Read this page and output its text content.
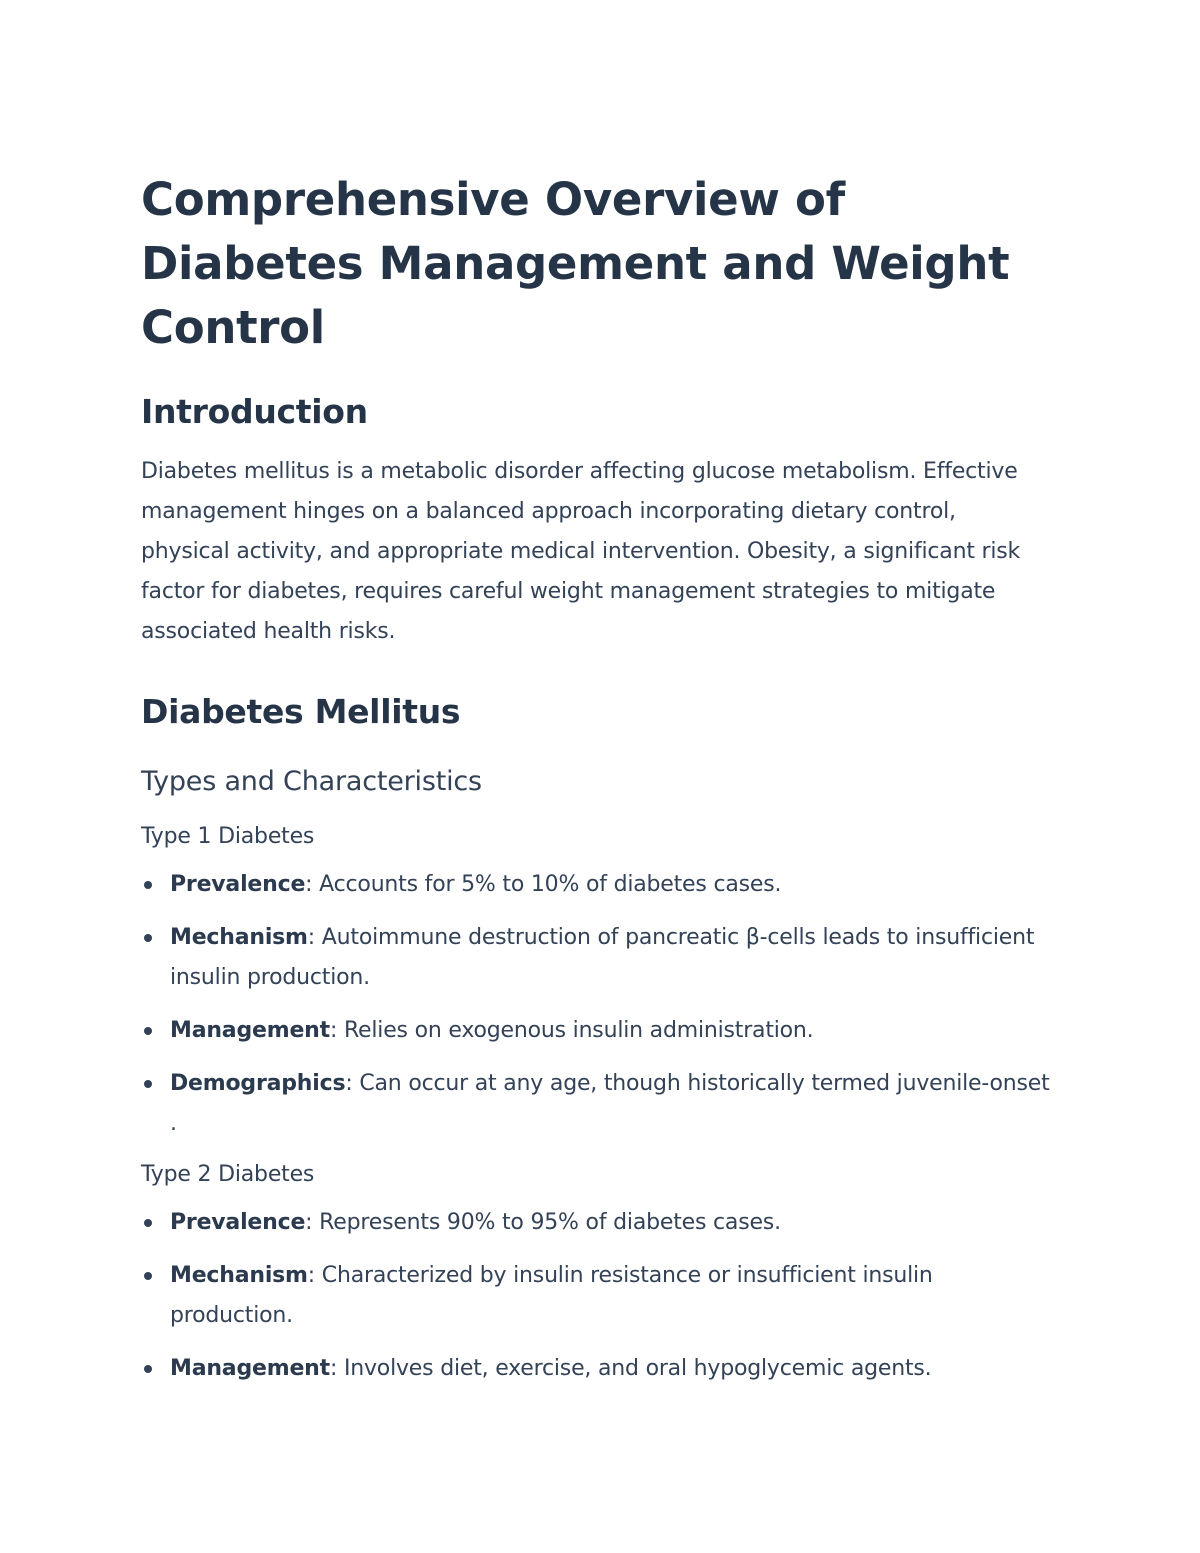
Comprehensive Overview of Diabetes Management and Weight Control
Introduction

Diabetes mellitus is a metabolic disorder affecting glucose metabolism. Effective management hinges on a balanced approach incorporating dietary control, physical activity, and appropriate medical intervention. Obesity, a significant risk factor for diabetes, requires careful weight management strategies to mitigate associated health risks.

Diabetes Mellitus
Types and Characteristics
Type 1 Diabetes
Prevalence: Accounts for 5% to 10% of diabetes cases.
Mechanism: Autoimmune destruction of pancreatic β-cells leads to insufficient insulin production.
Management: Relies on exogenous insulin administration.
Demographics: Can occur at any age, though historically termed juvenile-onset .
Type 2 Diabetes
Prevalence: Represents 90% to 95% of diabetes cases.
Mechanism: Characterized by insulin resistance or insufficient insulin production.
Management: Involves diet, exercise, and oral hypoglycemic agents.
